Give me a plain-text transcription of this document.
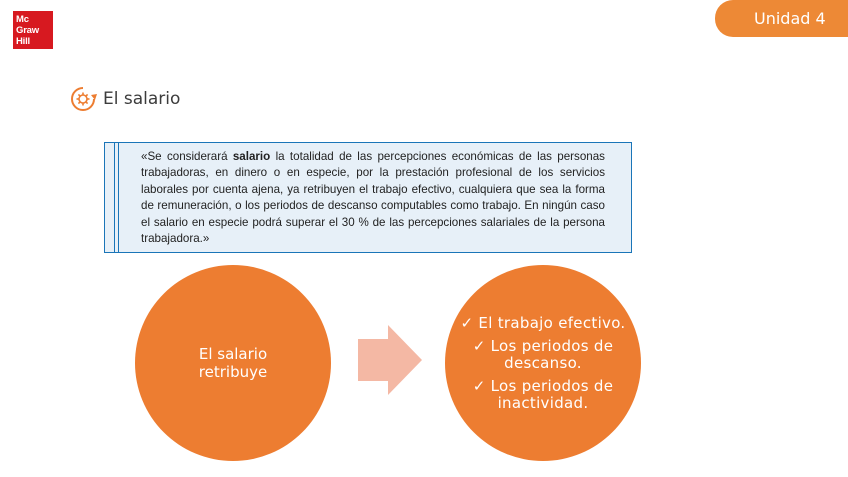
Mc
Graw
Hill
Unidad 4
El salario
«Se considerará salario la totalidad de las percepciones económicas de las personas trabajadoras, en dinero o en especie, por la prestación profesional de los servicios laborales por cuenta ajena, ya retribuyen el trabajo efectivo, cualquiera que sea la forma de remuneración, o los periodos de descanso computables como trabajo. En ningún caso el salario en especie podrá superar el 30 % de las percepciones salariales de la persona trabajadora.»
El salario
retribuye
✓ El trabajo efectivo.
✓ Los periodos de descanso.
✓ Los periodos de inactividad.
